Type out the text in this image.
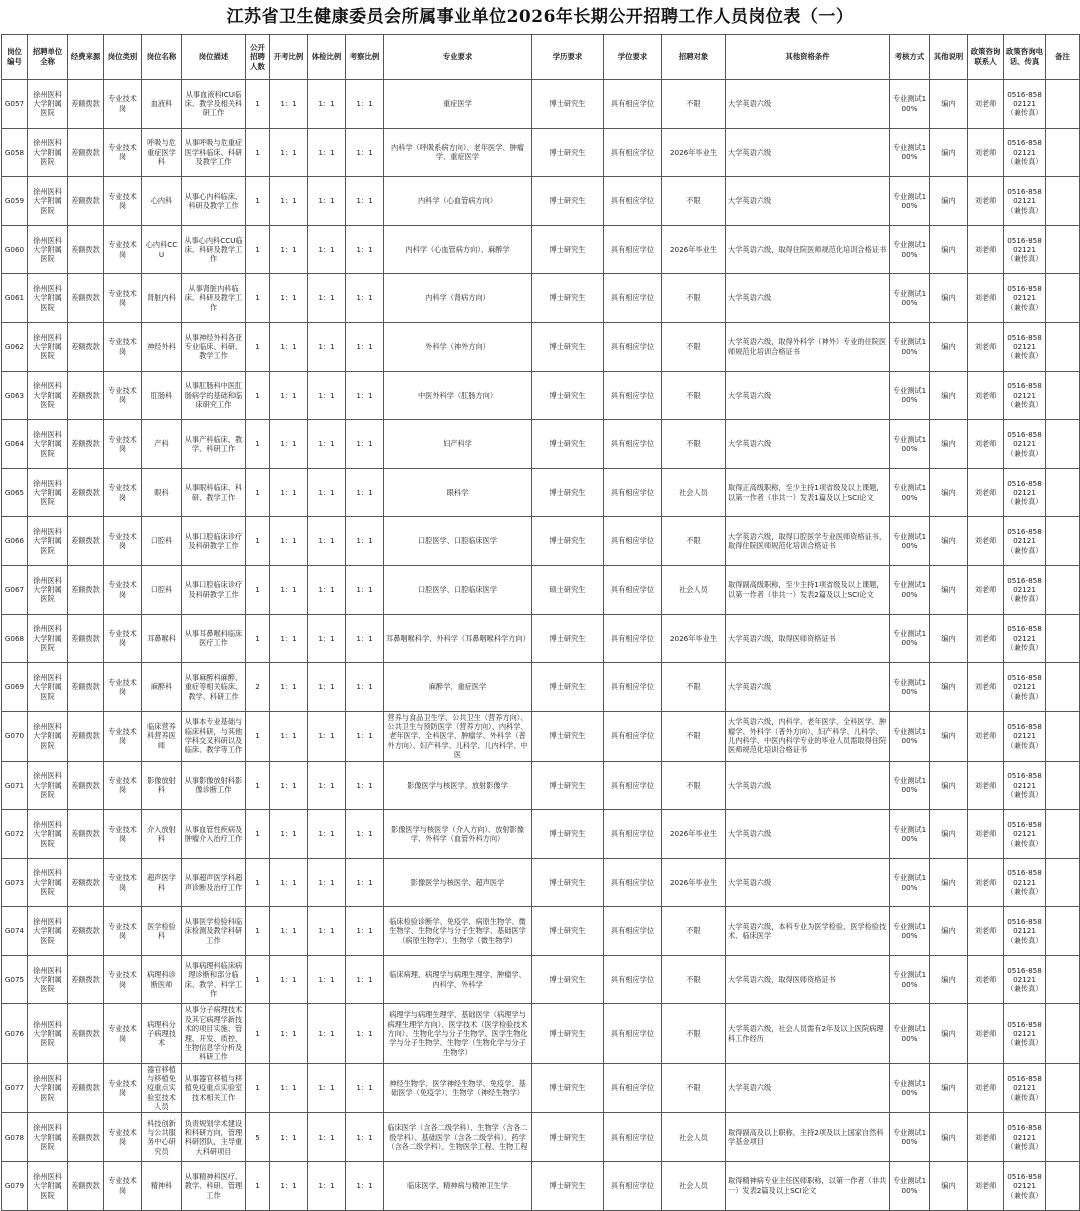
江苏省卫生健康委员会所属事业单位2026年长期公开招聘工作人员岗位表（一）
岗位编号	招聘单位全称	经费来源	岗位类别	岗位名称	岗位描述	公开招聘人数	开考比例	体检比例	考察比例	专业要求	学历要求	学位要求	招聘对象	其他资格条件	考核方式	其他说明	政策咨询联系人	政策咨询电话、传真	备注
G057	徐州医科大学附属医院	差额拨款	专业技术岗	血液科	从事血液科ICU临床、教学及相关科研工作	1	1：1	1：1	1：1	重症医学	博士研究生	具有相应学位	不限	大学英语六级	专业测试100%	编内	刘老师	0516-85802121（兼传真）	
G058	徐州医科大学附属医院	差额拨款	专业技术岗	呼吸与危重症医学科	从事呼吸与危重症医学科临床、科研及教学工作	1	1：1	1：1	1：1	内科学（呼吸系病方向）、老年医学、肿瘤学、重症医学	博士研究生	具有相应学位	2026年毕业生	大学英语六级	专业测试100%	编内	刘老师	0516-85802121（兼传真）	
G059	徐州医科大学附属医院	差额拨款	专业技术岗	心内科	从事心内科临床、科研及教学工作	1	1：1	1：1	1：1	内科学（心血管病方向）	博士研究生	具有相应学位	不限	大学英语六级	专业测试100%	编内	刘老师	0516-85802121（兼传真）	
G060	徐州医科大学附属医院	差额拨款	专业技术岗	心内科CCU	从事心内科CCU临床、科研及教学工作	1	1：1	1：1	1：1	内科学（心血管病方向）、麻醉学	博士研究生	具有相应学位	2026年毕业生	大学英语六级，取得住院医师规范化培训合格证书	专业测试100%	编内	刘老师	0516-85802121（兼传真）	
G061	徐州医科大学附属医院	差额拨款	专业技术岗	肾脏内科	从事肾脏内科临床、科研及教学工作	1	1：1	1：1	1：1	内科学（肾病方向）	博士研究生	具有相应学位	不限	大学英语六级	专业测试100%	编内	刘老师	0516-85802121（兼传真）	
G062	徐州医科大学附属医院	差额拨款	专业技术岗	神经外科	从事神经外科各亚专业临床、科研、教学工作	1	1：1	1：1	1：1	外科学（神外方向）	博士研究生	具有相应学位	不限	大学英语六级，取得外科学（神外）专业的住院医师规范化培训合格证书	专业测试100%	编内	刘老师	0516-85802121（兼传真）	
G063	徐州医科大学附属医院	差额拨款	专业技术岗	肛肠科	从事肛肠科中医肛肠病学的基础和临床研究工作	1	1：1	1：1	1：1	中医外科学（肛肠方向）	博士研究生	具有相应学位	不限	大学英语六级	专业测试100%	编内	刘老师	0516-85802121（兼传真）	
G064	徐州医科大学附属医院	差额拨款	专业技术岗	产科	从事产科临床、教学、科研工作	1	1：1	1：1	1：1	妇产科学	博士研究生	具有相应学位	不限	大学英语六级	专业测试100%	编内	刘老师	0516-85802121（兼传真）	
G065	徐州医科大学附属医院	差额拨款	专业技术岗	眼科	从事眼科临床、科研、教学工作	1	1：1	1：1	1：1	眼科学	博士研究生	具有相应学位	社会人员	取得正高级职称，至少主持1项省级及以上课题，以第一作者（非共一）发表1篇及以上SCI论文	专业测试100%	编内	刘老师	0516-85802121（兼传真）	
G066	徐州医科大学附属医院	差额拨款	专业技术岗	口腔科	从事口腔临床诊疗及科研教学工作	1	1：1	1：1	1：1	口腔医学、口腔临床医学	博士研究生	具有相应学位	不限	大学英语六级，取得口腔医学专业医师资格证书，取得住院医师规范化培训合格证书	专业测试100%	编内	刘老师	0516-85802121（兼传真）	
G067	徐州医科大学附属医院	差额拨款	专业技术岗	口腔科	从事口腔临床诊疗及科研教学工作	1	1：1	1：1	1：1	口腔医学、口腔临床医学	硕士研究生	具有相应学位	社会人员	取得副高级职称，至少主持1项省级及以上课题，以第一作者（非共一）发表2篇及以上SCI论文	专业测试100%	编内	刘老师	0516-85802121（兼传真）	
G068	徐州医科大学附属医院	差额拨款	专业技术岗	耳鼻喉科	从事耳鼻喉科临床医疗工作	1	1：1	1：1	1：1	耳鼻咽喉科学、外科学（耳鼻咽喉科学方向）	博士研究生	具有相应学位	2026年毕业生	大学英语六级，取得医师资格证书	专业测试100%	编内	刘老师	0516-85802121（兼传真）	
G069	徐州医科大学附属医院	差额拨款	专业技术岗	麻醉科	从事麻醉科麻醉、重症等相关临床、教学、科研工作	2	1：1	1：1	1：1	麻醉学、重症医学	博士研究生	具有相应学位	不限	大学英语六级	专业测试100%	编内	刘老师	0516-85802121（兼传真）	
G070	徐州医科大学附属医院	差额拨款	专业技术岗	临床营养科营养医师	从事本专业基础与临床科研，与其他学科交叉科研以及临床、教学等工作	1	1：1	1：1	1：1	营养与食品卫生学、公共卫生（营养方向）、公共卫生与预防医学（营养方向）、内科学、老年医学、全科医学、肿瘤学、外科学（普外方向）、妇产科学、儿科学、儿内科学、中医	博士研究生	具有相应学位	不限	大学英语六级，内科学、老年医学、全科医学、肿瘤学、外科学（普外方向）、妇产科学、儿科学、儿内科学、中医内科学专业的毕业人员需取得住院医师规范化培训合格证书	专业测试100%	编内	刘老师	0516-85802121（兼传真）	
G071	徐州医科大学附属医院	差额拨款	专业技术岗	影像放射科	从事影像放射科影像诊断工作	1	1：1	1：1	1：1	影像医学与核医学、放射影像学	博士研究生	具有相应学位	不限	大学英语六级	专业测试100%	编内	刘老师	0516-85802121（兼传真）	
G072	徐州医科大学附属医院	差额拨款	专业技术岗	介入放射科	从事血管性疾病及肿瘤介入治疗工作	1	1：1	1：1	1：1	影像医学与核医学（介入方向）、放射影像学、外科学（血管外科方向）	博士研究生	具有相应学位	2026年毕业生	大学英语六级	专业测试100%	编内	刘老师	0516-85802121（兼传真）	
G073	徐州医科大学附属医院	差额拨款	专业技术岗	超声医学科	从事超声医学科超声诊断及治疗工作	1	1：1	1：1	1：1	影像医学与核医学、超声医学	博士研究生	具有相应学位	2026年毕业生	大学英语六级	专业测试100%	编内	刘老师	0516-85802121（兼传真）	
G074	徐州医科大学附属医院	差额拨款	专业技术岗	医学检验科	从事医学检验科临床检测及教学科研工作	1	1：1	1：1	1：1	临床检验诊断学、免疫学、病原生物学、微生物学、生物化学与分子生物学、基础医学（病原生物学）、生物学（微生物学）	博士研究生	具有相应学位	不限	大学英语六级，本科专业为医学检验、医学检验技术、临床医学	专业测试100%	编内	刘老师	0516-85802121（兼传真）	
G075	徐州医科大学附属医院	差额拨款	专业技术岗	病理科诊断医师	从事病理科临床病理诊断和部分临床、教学、科学工作	1	1：1	1：1	1：1	临床病理、病理学与病理生理学、肿瘤学、内科学、外科学	博士研究生	具有相应学位	不限	大学英语六级，取得医师资格证书	专业测试100%	编内	刘老师	0516-85802121（兼传真）	
G076	徐州医科大学附属医院	差额拨款	专业技术岗	病理科分子病理技术	从事分子病理技术及其它病理学新技术的项目实施、管理、开发、质控，生物信息学分析及科研工作	1	1：1	1：1	1：1	病理学与病理生理学、基础医学（病理学与病理生理学方向）、医学技术（医学检验技术方向）、生物化学与分子生物学、医学生物化学与分子生物学、生物学（生物化学与分子生物学）	博士研究生	具有相应学位	不限	大学英语六级，社会人员需有2年及以上医院病理科工作经历	专业测试100%	编内	刘老师	0516-85802121（兼传真）	
G077	徐州医科大学附属医院	差额拨款	专业技术岗	器官移植与移植免疫重点实验室技术人员	从事器官移植与移植免疫重点实验室技术相关工作	1	1：1	1：1	1：1	神经生物学、医学神经生物学、免疫学、基础医学（免疫学）、生物学（神经生物学）	博士研究生	具有相应学位	不限	大学英语六级	专业测试100%	编内	刘老师	0516-85802121（兼传真）	
G078	徐州医科大学附属医院	差额拨款	专业技术岗	科技创新与公共服务中心研究员	负责规划学术建设和科研方向，管理科研团队，主导重大科研项目	5	1：1	1：1	1：1	临床医学（含各二级学科）、生物学（含各二级学科）、基础医学（含各二级学科）、药学（含各二级学科）、生物医学工程、生物工程	博士研究生	具有相应学位	社会人员	取得副高及以上职称，主持2项及以上国家自然科学基金项目	专业测试100%	编内	刘老师	0516-85802121（兼传真）	
G079	徐州医科大学附属医院	差额拨款	专业技术岗	精神科	从事精神科医疗、教学、科研、管理工作	1	1：1	1：1	1：1	临床医学、精神病与精神卫生学	博士研究生	具有相应学位	社会人员	取得精神病专业主任医师职称，以第一作者（非共一）发表2篇及以上SCI论文	专业测试100%	编内	刘老师	0516-85802121（兼传真）	
